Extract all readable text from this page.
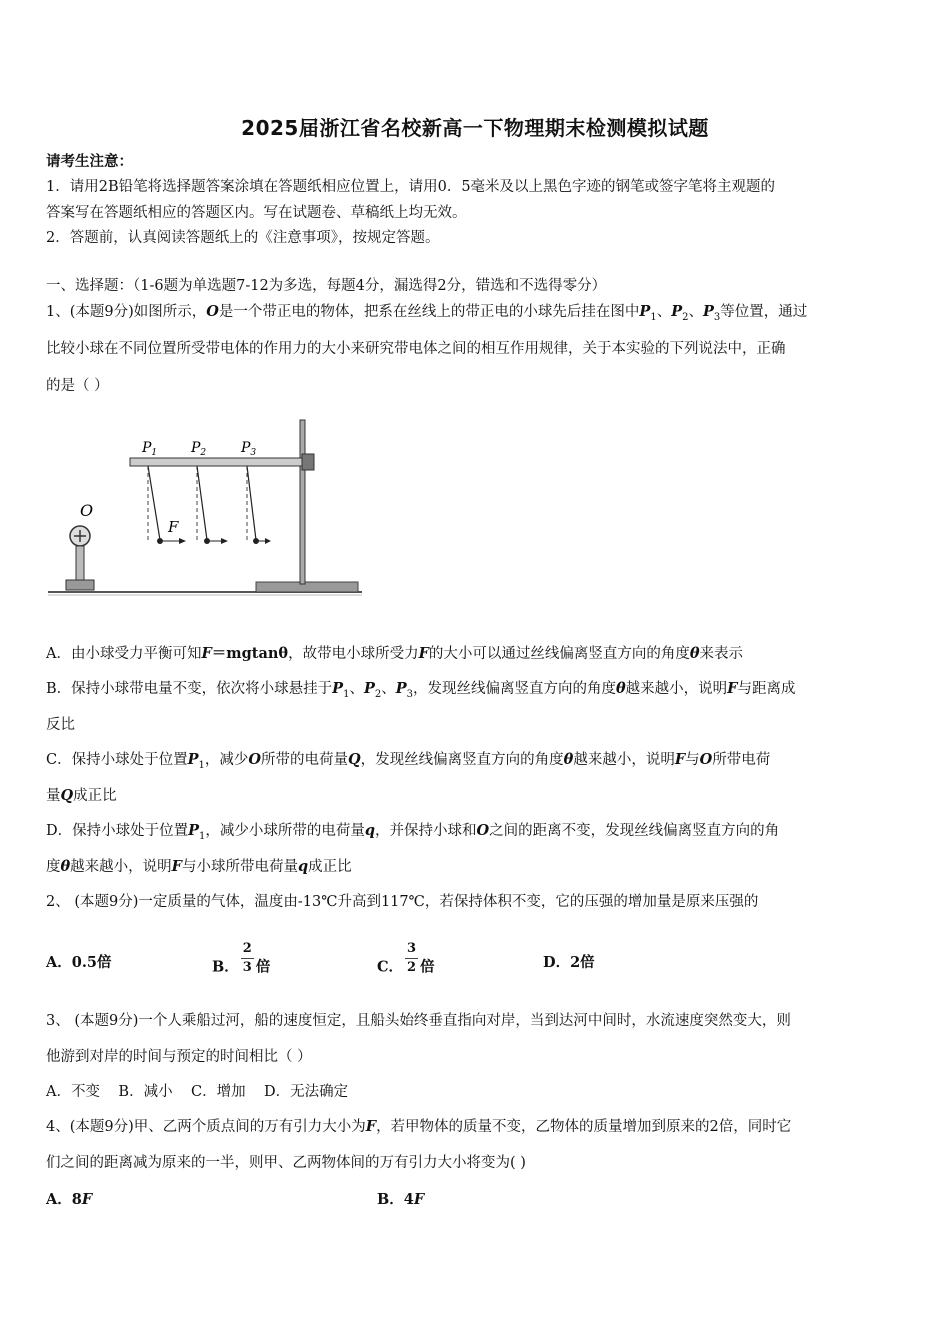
2025届浙江省名校新高一下物理期末检测模拟试题
请考生注意：
1．请用2B铅笔将选择题答案涂填在答题纸相应位置上，请用0．5毫米及以上黑色字迹的钢笔或签字笔将主观题的
答案写在答题纸相应的答题区内。写在试题卷、草稿纸上均无效。
2．答题前，认真阅读答题纸上的《注意事项》，按规定答题。
一、选择题：（1-6题为单选题7-12为多选，每题4分，漏选得2分，错选和不选得零分）
1、(本题9分)如图所示，O是一个带正电的物体，把系在丝线上的带正电的小球先后挂在图中$P_1$、$P_2$、$P_3$等位置，通过
比较小球在不同位置所受带电体的作用力的大小来研究带电体之间的相互作用规律，关于本实验的下列说法中，正确
的是（ ）
O
F
$P_1$ $P_2$ $P_3$
A．由小球受力平衡可知F＝mgtanθ，故带电小球所受力F的大小可以通过丝线偏离竖直方向的角度θ来表示
B．保持小球带电量不变，依次将小球悬挂于$P_1$、$P_2$、$P_3$，发现丝线偏离竖直方向的角度θ越来越小，说明F与距离成
反比
C．保持小球处于位置$P_1$，减少O所带的电荷量Q，发现丝线偏离竖直方向的角度θ越来越小，说明F与O所带电荷
量Q成正比
D．保持小球处于位置$P_1$，减少小球所带的电荷量q，并保持小球和O之间的距离不变，发现丝线偏离竖直方向的角
度θ越来越小，说明F与小球所带电荷量q成正比
2、 (本题9分)一定质量的气体，温度由-13℃升高到117℃，若保持体积不变，它的压强的增加量是原来压强的
A．0.5倍	B． $\frac{2}{3}$ 倍	C． $\frac{3}{2}$ 倍	D．2倍
3、 (本题9分)一个人乘船过河，船的速度恒定，且船头始终垂直指向对岸，当到达河中间时，水流速度突然变大，则
他游到对岸的时间与预定的时间相比（ ）
A．不变    B．减小    C．增加    D．无法确定
4、(本题9分)甲、乙两个质点间的万有引力大小为F，若甲物体的质量不变，乙物体的质量增加到原来的2倍，同时它
们之间的距离减为原来的一半，则甲、乙两物体间的万有引力大小将变为( )
A．8F	B．4F
